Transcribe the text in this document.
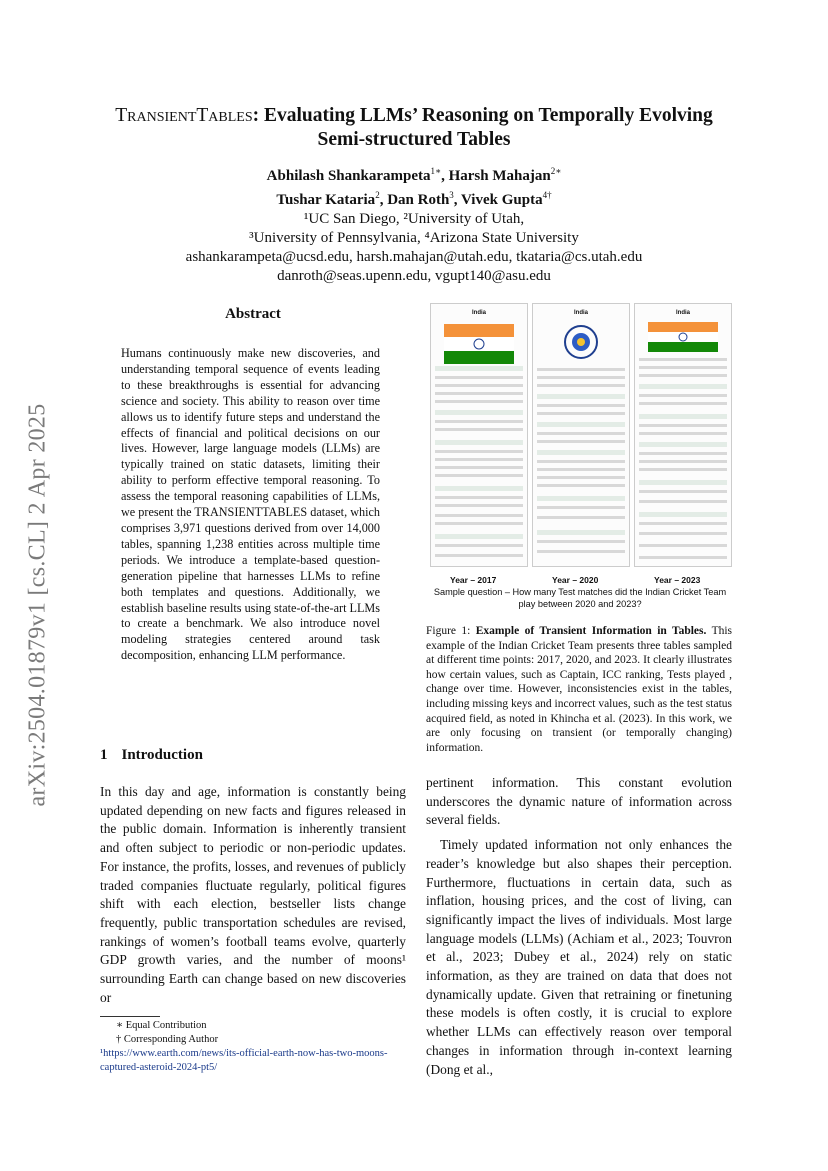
arXiv:2504.01879v1 [cs.CL] 2 Apr 2025
TransientTables: Evaluating LLMs’ Reasoning on Temporally Evolving
Semi-structured Tables
Abhilash Shankarampeta$^{1∗}$, Harsh Mahajan$^{2∗}$
Tushar Kataria$^2$, Dan Roth$^3$, Vivek Gupta$^{4\dagger}$
¹UC San Diego, ²University of Utah,
³University of Pennsylvania, ⁴Arizona State University
ashankarampeta@ucsd.edu, harsh.mahajan@utah.edu, tkataria@cs.utah.edu
danroth@seas.upenn.edu, vgupt140@asu.edu
Abstract
Humans continuously make new discoveries, and understanding temporal sequence of events leading to these breakthroughs is essential for advancing science and society. This ability to reason over time allows us to identify future steps and understand the effects of financial and political decisions on our lives. However, large language models (LLMs) are typically trained on static datasets, limiting their ability to perform effective temporal reasoning. To assess the temporal reasoning capabilities of LLMs, we present the TRANSIENTTABLES dataset, which comprises 3,971 questions derived from over 14,000 tables, spanning 1,238 entities across multiple time periods. We introduce a template-based question-generation pipeline that harnesses LLMs to refine both templates and questions. Additionally, we establish baseline results using state-of-the-art LLMs to create a benchmark. We also introduce novel modeling strategies centered around task decomposition, enhancing LLM performance.
1 Introduction
In this day and age, information is constantly being updated depending on new facts and figures released in the public domain. Information is inherently transient and often subject to periodic or non-periodic updates. For instance, the profits, losses, and revenues of publicly traded companies fluctuate regularly, political figures shift with each election, bestseller lists change frequently, public transportation schedules are revised, rankings of women’s football teams evolve, quarterly GDP growth varies, and the number of moons¹ surrounding Earth can change based on new discoveries or
∗ Equal Contribution
† Corresponding Author
¹https://www.earth.com/news/its-official-earth-now-has-two-moons-captured-asteroid-2024-pt5/
India	India	India
Year – 2017	Year – 2020	Year – 2023
Sample question – How many Test matches did the Indian Cricket Team play between 2020 and 2023?
Figure 1: Example of Transient Information in Tables. This example of the Indian Cricket Team presents three tables sampled at different time points: 2017, 2020, and 2023. It clearly illustrates how certain values, such as Captain, ICC ranking, Tests played , change over time. However, inconsistencies exist in the tables, including missing keys and incorrect values, such as the test status acquired field, as noted in Khincha et al. (2023). In this work, we are only focusing on transient (or temporally changing) information.
pertinent information. This constant evolution underscores the dynamic nature of information across several fields.
Timely updated information not only enhances the reader’s knowledge but also shapes their perception. Furthermore, fluctuations in certain data, such as inflation, housing prices, and the cost of living, can significantly impact the lives of individuals. Most large language models (LLMs) (Achiam et al., 2023; Touvron et al., 2023; Dubey et al., 2024) rely on static information, as they are trained on data that does not dynamically update. Given that retraining or finetuning these models is often costly, it is crucial to explore whether LLMs can effectively reason over temporal changes in information through in-context learning (Dong et al.,
